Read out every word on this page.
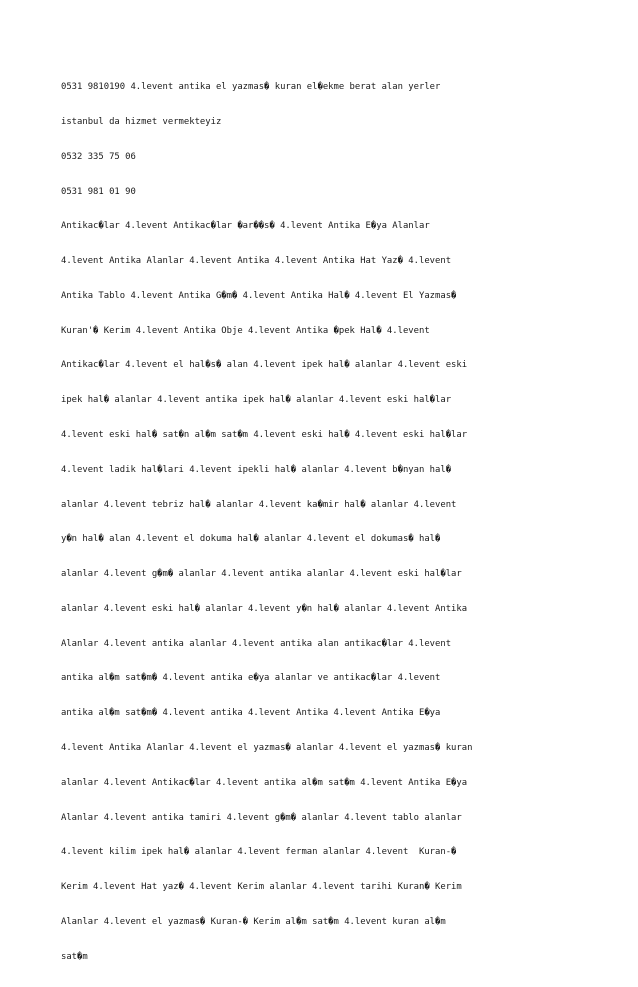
0531 9810190 4.levent antika el yazmas� kuran el�ekme berat alan yerler

istanbul da hizmet vermekteyiz

0532 335 75 06

0531 981 01 90

Antikac�lar 4.levent Antikac�lar �ar��s� 4.levent Antika E�ya Alanlar

4.levent Antika Alanlar 4.levent Antika 4.levent Antika Hat Yaz� 4.levent

Antika Tablo 4.levent Antika G�m� 4.levent Antika Hal� 4.levent El Yazmas�

Kuran'� Kerim 4.levent Antika Obje 4.levent Antika �pek Hal� 4.levent

Antikac�lar 4.levent el hal�s� alan 4.levent ipek hal� alanlar 4.levent eski

ipek hal� alanlar 4.levent antika ipek hal� alanlar 4.levent eski hal�lar

4.levent eski hal� sat�n al�m sat�m 4.levent eski hal� 4.levent eski hal�lar

4.levent ladik hal�lari 4.levent ipekli hal� alanlar 4.levent b�nyan hal�

alanlar 4.levent tebriz hal� alanlar 4.levent ka�mir hal� alanlar 4.levent

y�n hal� alan 4.levent el dokuma hal� alanlar 4.levent el dokumas� hal�

alanlar 4.levent g�m� alanlar 4.levent antika alanlar 4.levent eski hal�lar

alanlar 4.levent eski hal� alanlar 4.levent y�n hal� alanlar 4.levent Antika

Alanlar 4.levent antika alanlar 4.levent antika alan antikac�lar 4.levent

antika al�m sat�m� 4.levent antika e�ya alanlar ve antikac�lar 4.levent

antika al�m sat�m� 4.levent antika 4.levent Antika 4.levent Antika E�ya

4.levent Antika Alanlar 4.levent el yazmas� alanlar 4.levent el yazmas� kuran

alanlar 4.levent Antikac�lar 4.levent antika al�m sat�m 4.levent Antika E�ya

Alanlar 4.levent antika tamiri 4.levent g�m� alanlar 4.levent tablo alanlar

4.levent kilim ipek hal� alanlar 4.levent ferman alanlar 4.levent  Kuran-�

Kerim 4.levent Hat yaz� 4.levent Kerim alanlar 4.levent tarihi Kuran� Kerim

Alanlar 4.levent el yazmas� Kuran-� Kerim al�m sat�m 4.levent kuran al�m

sat�m
